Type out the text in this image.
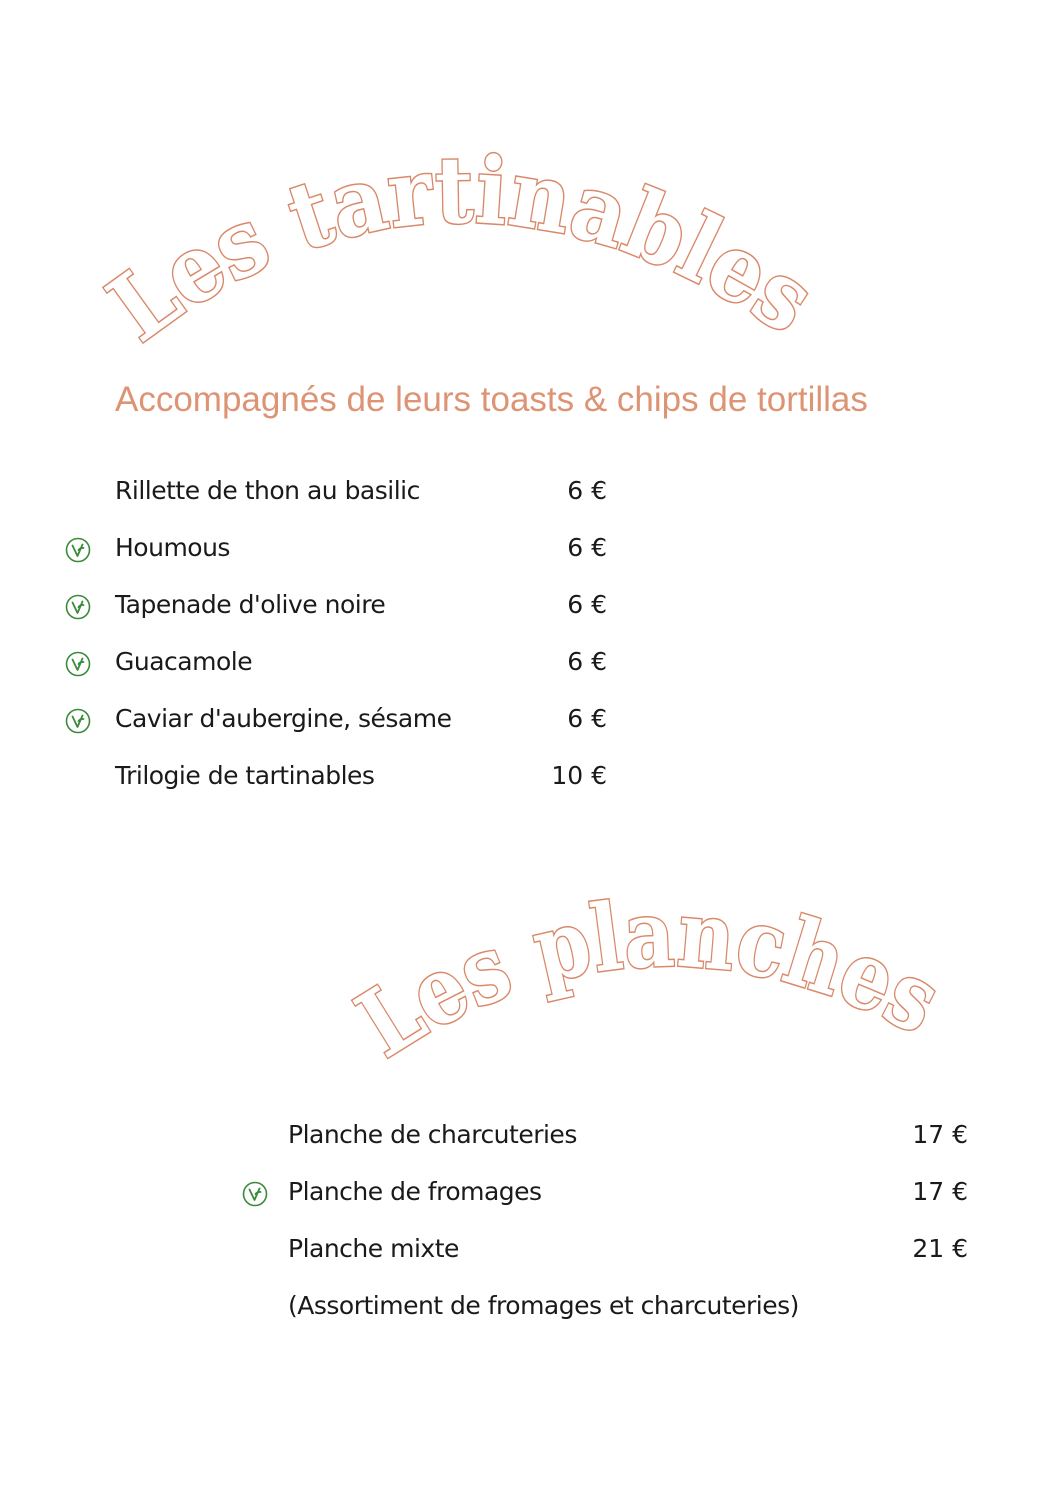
Les tartinables
Accompagnés de leurs toasts & chips de tortillas
Rillette de thon au basilic	6 €
Houmous	6 €
Tapenade d'olive noire	6 €
Guacamole	6 €
Caviar d'aubergine, sésame	6 €
Trilogie de tartinables	10 €
Les planches
Planche de charcuteries	17 €
Planche de fromages	17 €
Planche mixte	21 €
(Assortiment de fromages et charcuteries)
